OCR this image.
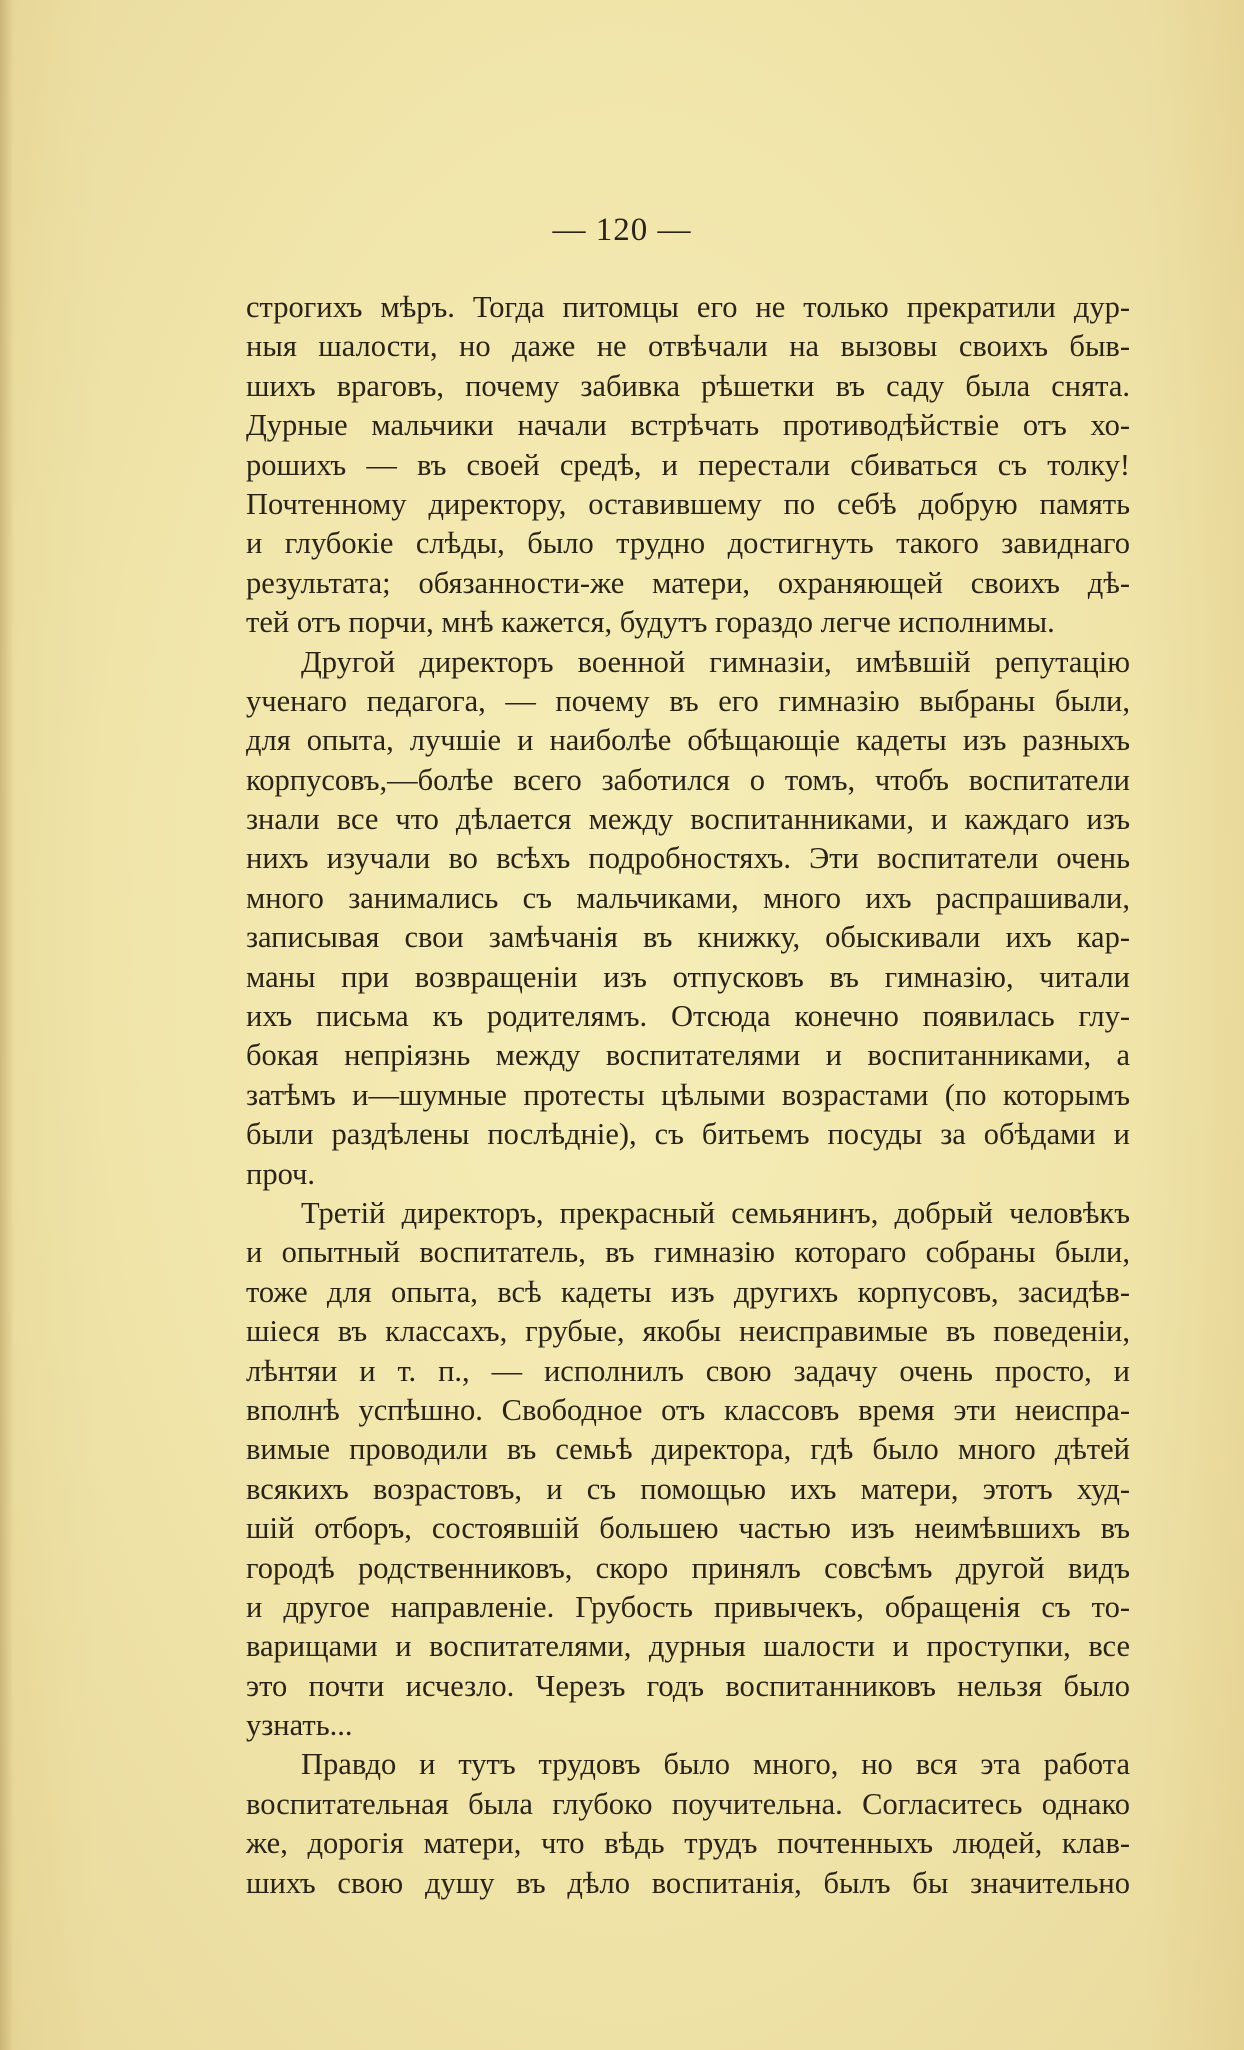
— 120 —
строгихъ мѣръ. Тогда питомцы его не только прекратили дур-
ныя шалости, но даже не отвѣчали на вызовы своихъ быв-
шихъ враговъ, почему забивка рѣшетки въ саду была снята.
Дурные мальчики начали встрѣчать противодѣйствіе отъ хо-
рошихъ — въ своей средѣ, и перестали сбиваться съ толку!
Почтенному директору, оставившему по себѣ добрую память
и глубокіе слѣды, было трудно достигнуть такого завиднаго
результата; обязанности-же матери, охраняющей своихъ дѣ-
тей отъ порчи, мнѣ кажется, будутъ гораздо легче исполнимы.
Другой директоръ военной гимназіи, имѣвшій репутацію
ученаго педагога, — почему въ его гимназію выбраны были,
для опыта, лучшіе и наиболѣе обѣщающіе кадеты изъ разныхъ
корпусовъ,—болѣе всего заботился о томъ, чтобъ воспитатели
знали все что дѣлается между воспитанниками, и каждаго изъ
нихъ изучали во всѣхъ подробностяхъ. Эти воспитатели очень
много занимались съ мальчиками, много ихъ распрашивали,
записывая свои замѣчанія въ книжку, обыскивали ихъ кар-
маны при возвращеніи изъ отпусковъ въ гимназію, читали
ихъ письма къ родителямъ. Отсюда конечно появилась глу-
бокая непріязнь между воспитателями и воспитанниками, а
затѣмъ и—шумные протесты цѣлыми возрастами (по которымъ
были раздѣлены послѣдніе), съ битьемъ посуды за обѣдами и
проч.
Третій директоръ, прекрасный семьянинъ, добрый человѣкъ
и опытный воспитатель, въ гимназію котораго собраны были,
тоже для опыта, всѣ кадеты изъ другихъ корпусовъ, засидѣв-
шіеся въ классахъ, грубые, якобы неисправимые въ поведеніи,
лѣнтяи и т. п., — исполнилъ свою задачу очень просто, и
вполнѣ успѣшно. Свободное отъ классовъ время эти неиспра-
вимые проводили въ семьѣ директора, гдѣ было много дѣтей
всякихъ возрастовъ, и съ помощью ихъ матери, этотъ худ-
шій отборъ, состоявшій большею частью изъ неимѣвшихъ въ
городѣ родственниковъ, скоро принялъ совсѣмъ другой видъ
и другое направленіе. Грубость привычекъ, обращенія съ то-
варищами и воспитателями, дурныя шалости и проступки, все
это почти исчезло. Черезъ годъ воспитанниковъ нельзя было
узнать...
Правдо и тутъ трудовъ было много, но вся эта работа
воспитательная была глубоко поучительна. Согласитесь однако
же, дорогія матери, что вѣдь трудъ почтенныхъ людей, клав-
шихъ свою душу въ дѣло воспитанія, былъ бы значительно
